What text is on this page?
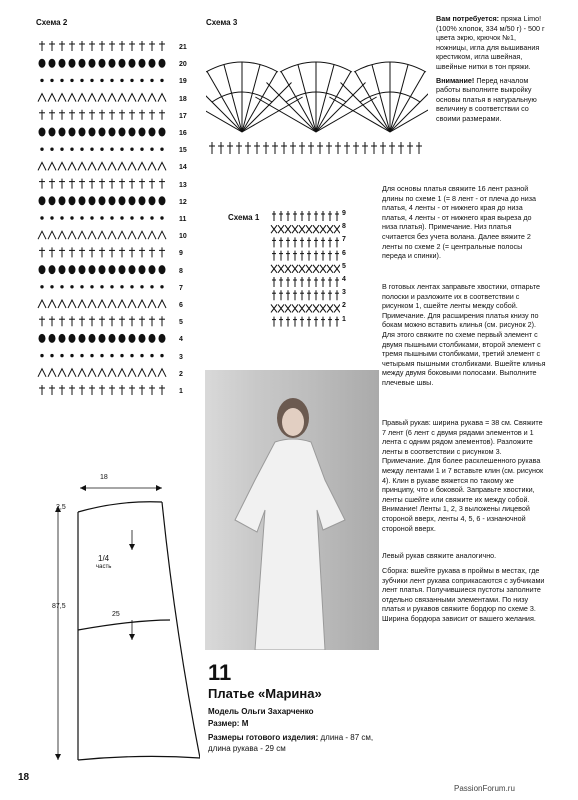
Схема 2
21
20
19
18
17
16
15
14
13
12
11
10
9
8
7
6
5
4
3
2
1
Схема 3
Схема 1	9
8
7
6
5
4
3
2
1
18
2,5
1/4
часть
87,5
25
Вам потребуется: пряжа Limo! (100% хлопок, 334 м/50 г) - 500 г цвета экрю, крючок №1, ножницы, игла для вышивания крестиком, игла швейная, швейные нитки в тон пряжи.
Внимание! Перед началом работы выполните выкройку основы платья в натуральную величину в соответствии со своими размерами.
Для основы платья свяжите 16 лент разной длины по схеме 1 (= 8 лент - от плеча до низа платья, 4 ленты - от нижнего края до низа платья, 4 ленты - от нижнего края выреза до низа платья). Примечание. Низ платья считается без учета волана. Далее вяжите 2 ленты по схеме 2 (= центральные полосы переда и спинки).
В готовых лентах заправьте хвостики, отпарьте полоски и разложите их в соответствии с рисунком 1, сшейте ленты между собой. Примечание. Для расширения платья книзу по бокам можно вставить клинья (см. рисунок 2). Для этого свяжите по схеме первый элемент с двумя пышными столбиками, второй элемент с тремя пышными столбиками, третий элемент с четырьмя пышными столбиками. Вшейте клинья между двумя боковыми полосами. Выполните плечевые швы.
Правый рукав: ширина рукава = 38 см. Свяжите 7 лент (6 лент с двумя рядами элементов и 1 лента с одним рядом элементов). Разложите ленты в соответствии с рисунком 3. Примечание. Для более расклешенного рукава между лентами 1 и 7 вставьте клин (см. рисунок 4). Клин в рукаве вяжется по такому же принципу, что и боковой. Заправьте хвостики, ленты сшейте или свяжите их между собой. Внимание! Ленты 1, 2, 3 выложены лицевой стороной вверх, ленты 4, 5, 6 - изнаночной стороной вверх.
Левый рукав свяжите аналогично.
Сборка: вшейте рукава в проймы в местах, где зубчики лент рукава соприкасаются с зубчиками лент платья. Получившиеся пустоты заполните отдельно связанными элементами. По низу платья и рукавов свяжите бордюр по схеме 3. Ширина бордюра зависит от вашего желания.
11
Платье «Марина»
Модель Ольги Захарченко
Размер: М
Размеры готового изделия: длина - 87 см,
длина рукава - 29 см
18
PassionForum.ru
